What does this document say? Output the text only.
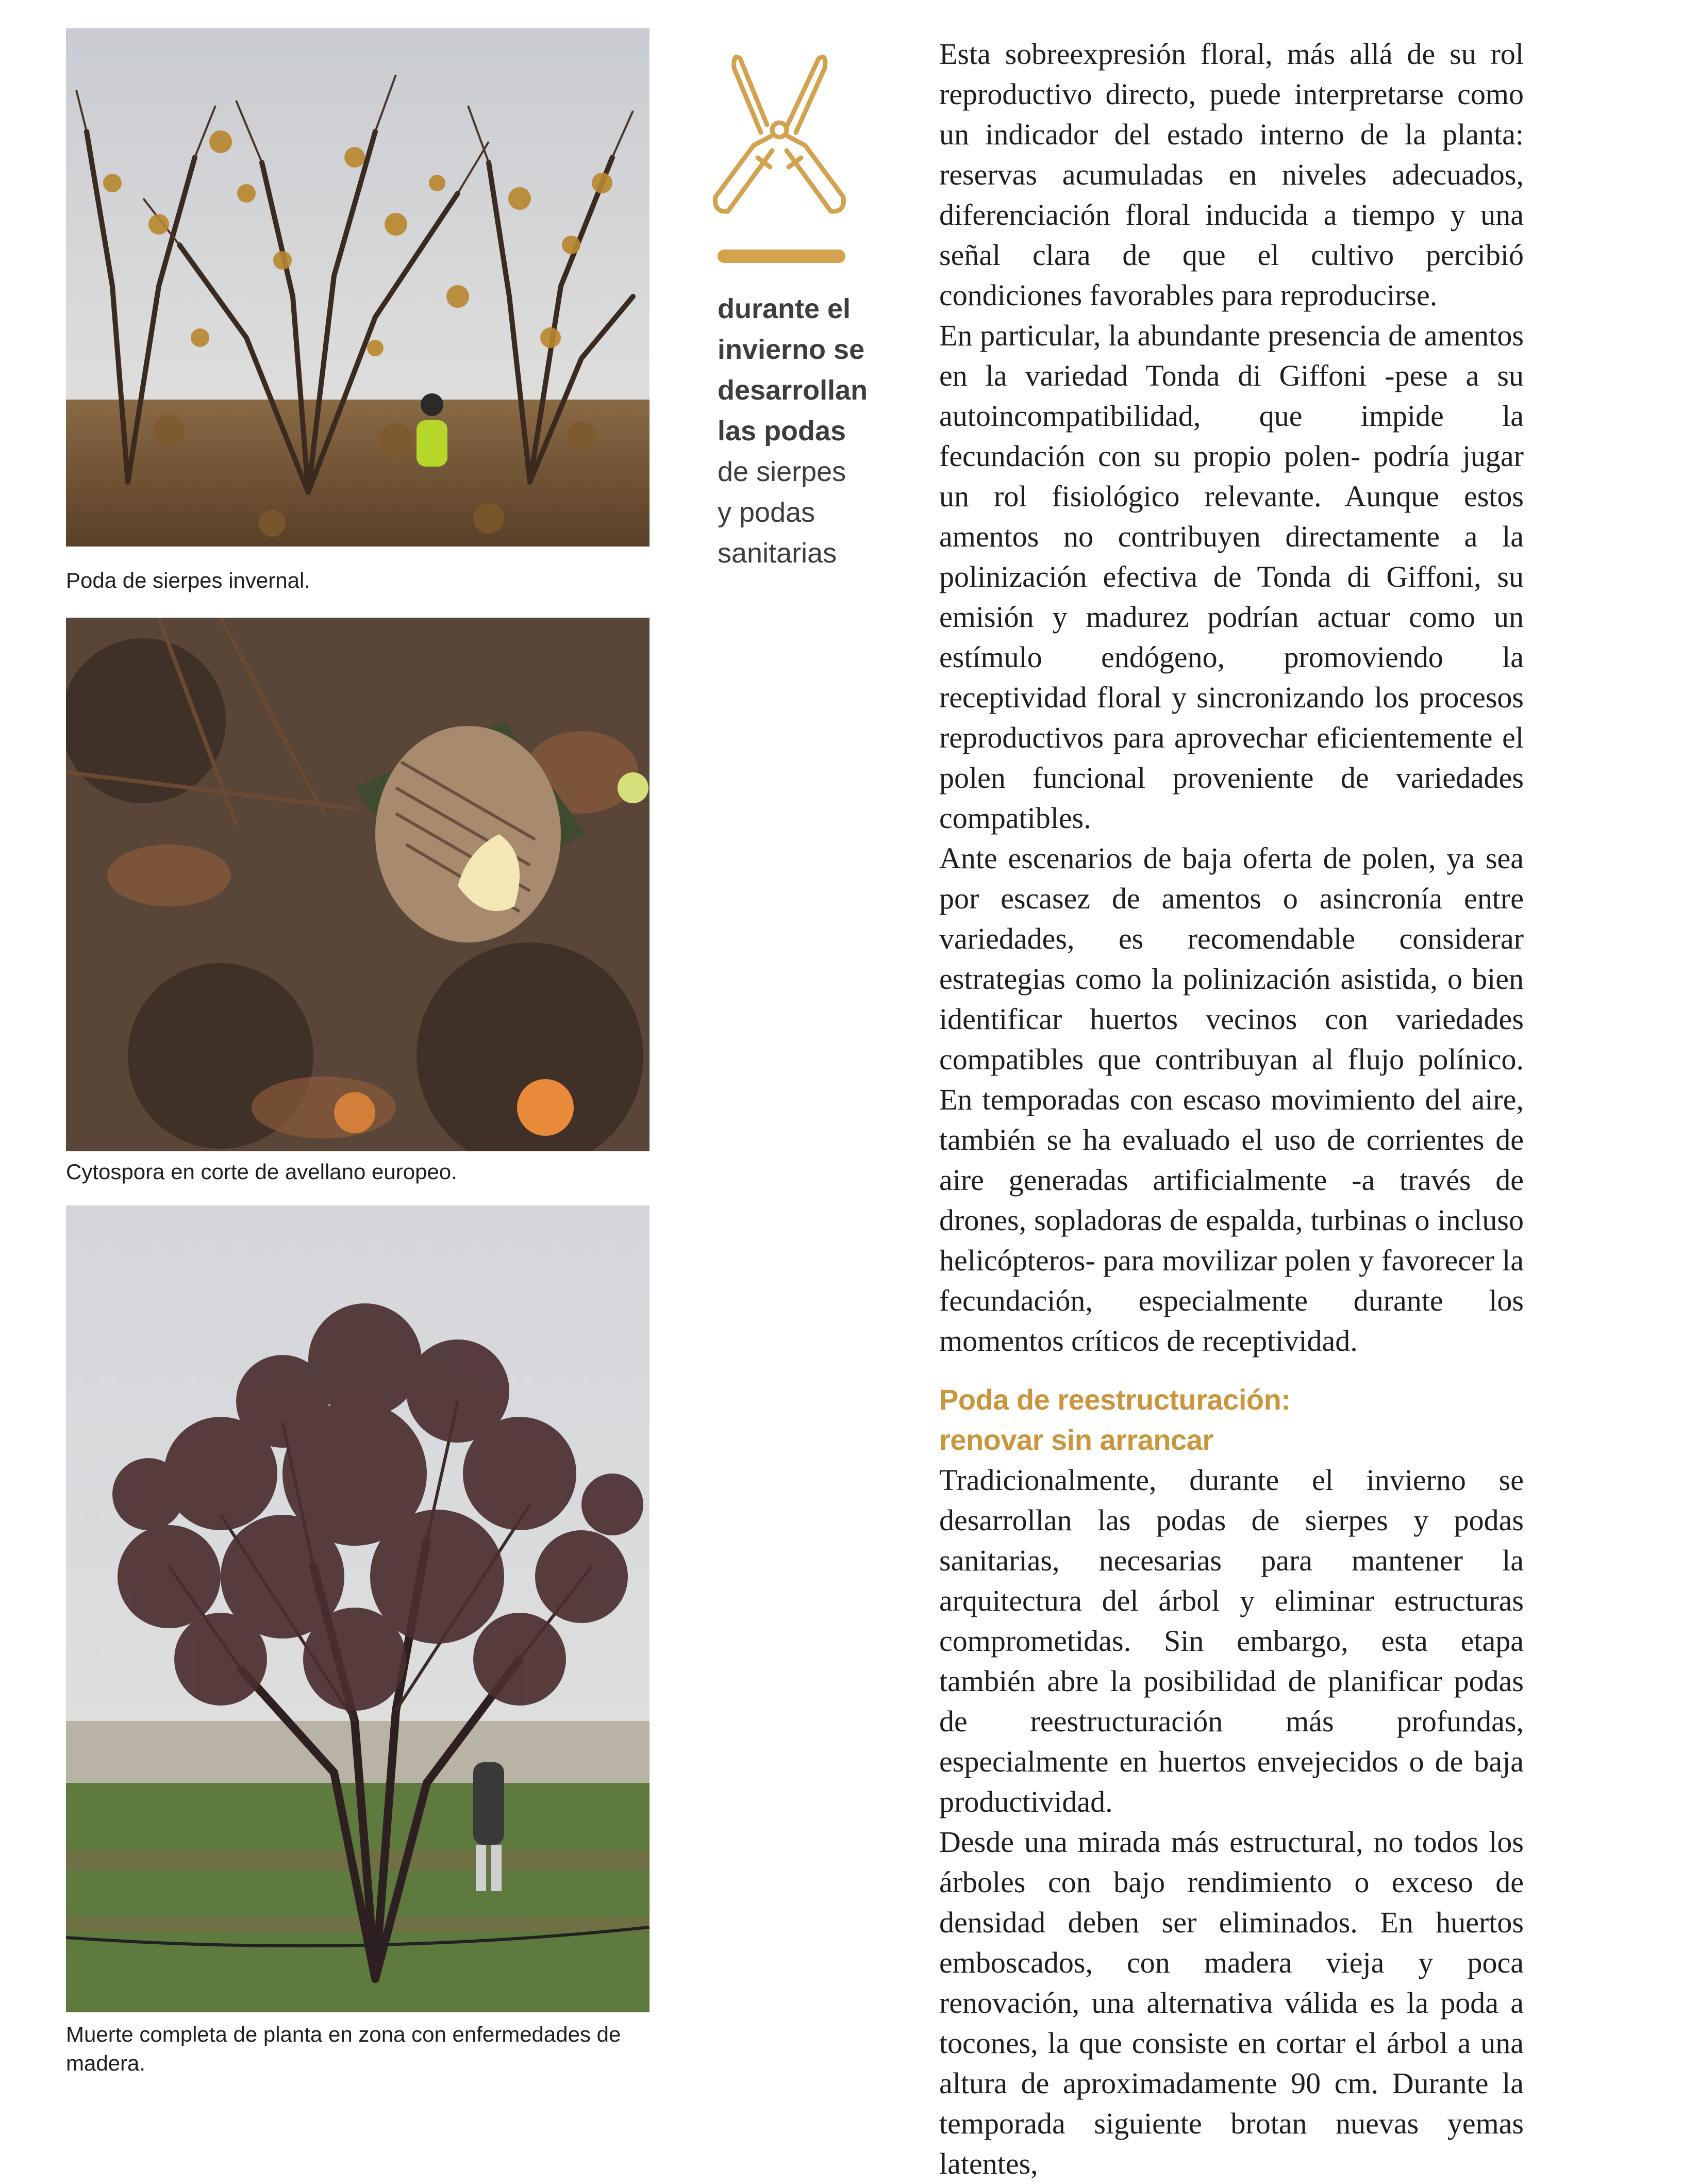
Poda de sierpes invernal.
Cytospora en corte de avellano europeo.
Muerte completa de planta en zona con enfermedades de madera.
durante el
invierno se
desarrollan
las podas
de sierpes
y podas
sanitarias

Esta sobreexpresión floral, más allá de su rol reproductivo directo, puede interpretarse como un indicador del estado interno de la planta: reservas acumuladas en niveles adecuados, diferenciación floral inducida a tiempo y una señal clara de que el cultivo percibió condiciones favorables para reproducirse.

En particular, la abundante presencia de amentos en la variedad Tonda di Giffoni -pese a su autoincompatibilidad, que impide la fecundación con su propio polen- podría jugar un rol fisiológico relevante. Aunque estos amentos no contribuyen directamente a la polinización efectiva de Tonda di Giffoni, su emisión y madurez podrían actuar como un estímulo endógeno, promoviendo la receptividad floral y sincronizando los procesos reproductivos para aprovechar eficientemente el polen funcional proveniente de variedades compatibles.

Ante escenarios de baja oferta de polen, ya sea por escasez de amentos o asincronía entre variedades, es recomendable considerar estrategias como la polinización asistida, o bien identificar huertos vecinos con variedades compatibles que contribuyan al flujo polínico. En temporadas con escaso movimiento del aire, también se ha evaluado el uso de corrientes de aire generadas artificialmente -a través de drones, sopladoras de espalda, turbinas o incluso helicópteros- para movilizar polen y favorecer la fecundación, especialmente durante los momentos críticos de receptividad.

Poda de reestructuración:
renovar sin arrancar

Tradicionalmente, durante el invierno se desarrollan las podas de sierpes y podas sanitarias, necesarias para mantener la arquitectura del árbol y eliminar estructuras comprometidas. Sin embargo, esta etapa también abre la posibilidad de planificar podas de reestructuración más profundas, especialmente en huertos envejecidos o de baja productividad.

Desde una mirada más estructural, no todos los árboles con bajo rendimiento o exceso de densidad deben ser eliminados. En huertos emboscados, con madera vieja y poca renovación, una alternativa válida es la poda a tocones, la que consiste en cortar el árbol a una altura de aproximadamente 90 cm. Durante la temporada siguiente brotan nuevas yemas latentes,
